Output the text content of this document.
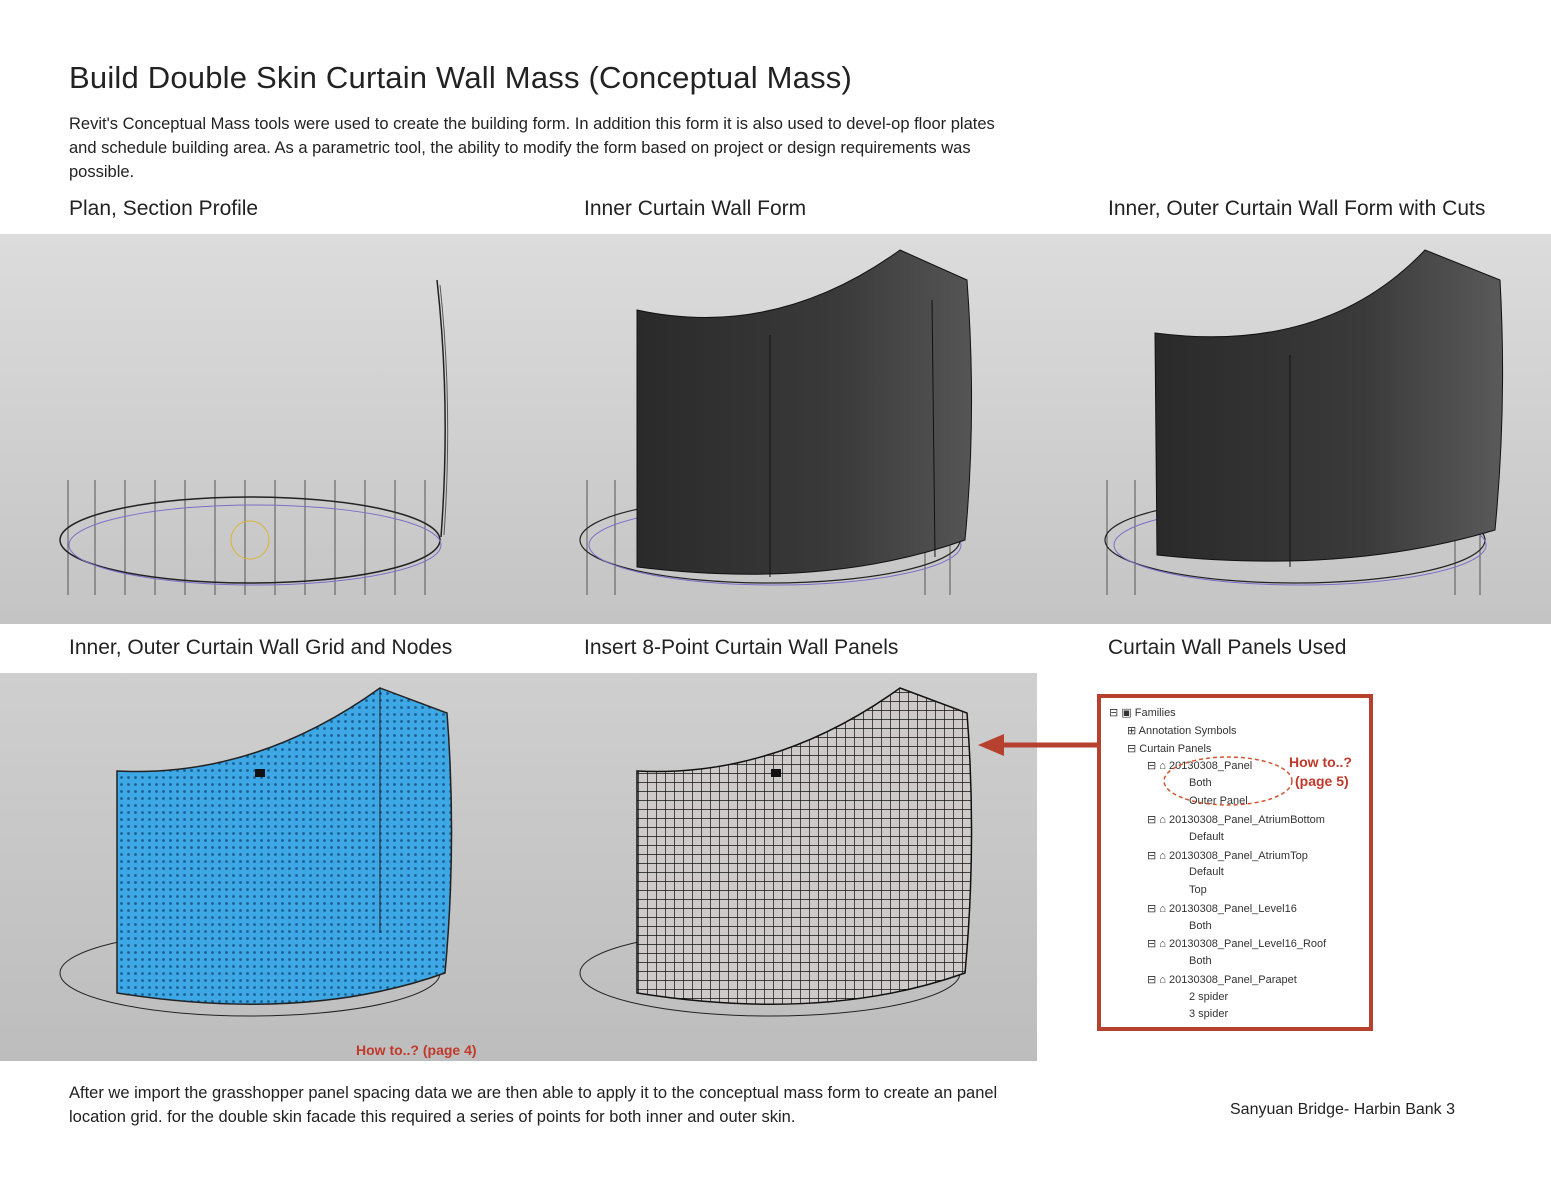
Build Double Skin Curtain Wall Mass (Conceptual Mass)
Revit's Conceptual Mass tools were used to create the building form. In addition this form it is also used to devel-op floor plates and schedule building area. As a parametric tool, the ability to modify the form based on project or design requirements was possible.
Plan, Section Profile	Inner Curtain Wall Form	Inner, Outer Curtain Wall Form with Cuts
Inner, Outer Curtain Wall Grid and Nodes	Insert 8-Point Curtain Wall Panels	Curtain Wall Panels Used
How to..? (page 4)
⊟ ▣ Families
⊞ Annotation Symbols
⊟ Curtain Panels
⊟ ⌂ 20130308_Panel
Both
Outer Panel
⊟ ⌂ 20130308_Panel_AtriumBottom
Default
⊟ ⌂ 20130308_Panel_AtriumTop
Default
Top
⊟ ⌂ 20130308_Panel_Level16
Both
⊟ ⌂ 20130308_Panel_Level16_Roof
Both
⊟ ⌂ 20130308_Panel_Parapet
2 spider
3 spider
How to..?
(page 5)
After we import the grasshopper panel spacing data we are then able to apply it to the conceptual mass form to create an panel location grid. for the double skin facade this required a series of points for both inner and outer skin.	Sanyuan Bridge- Harbin Bank 3
